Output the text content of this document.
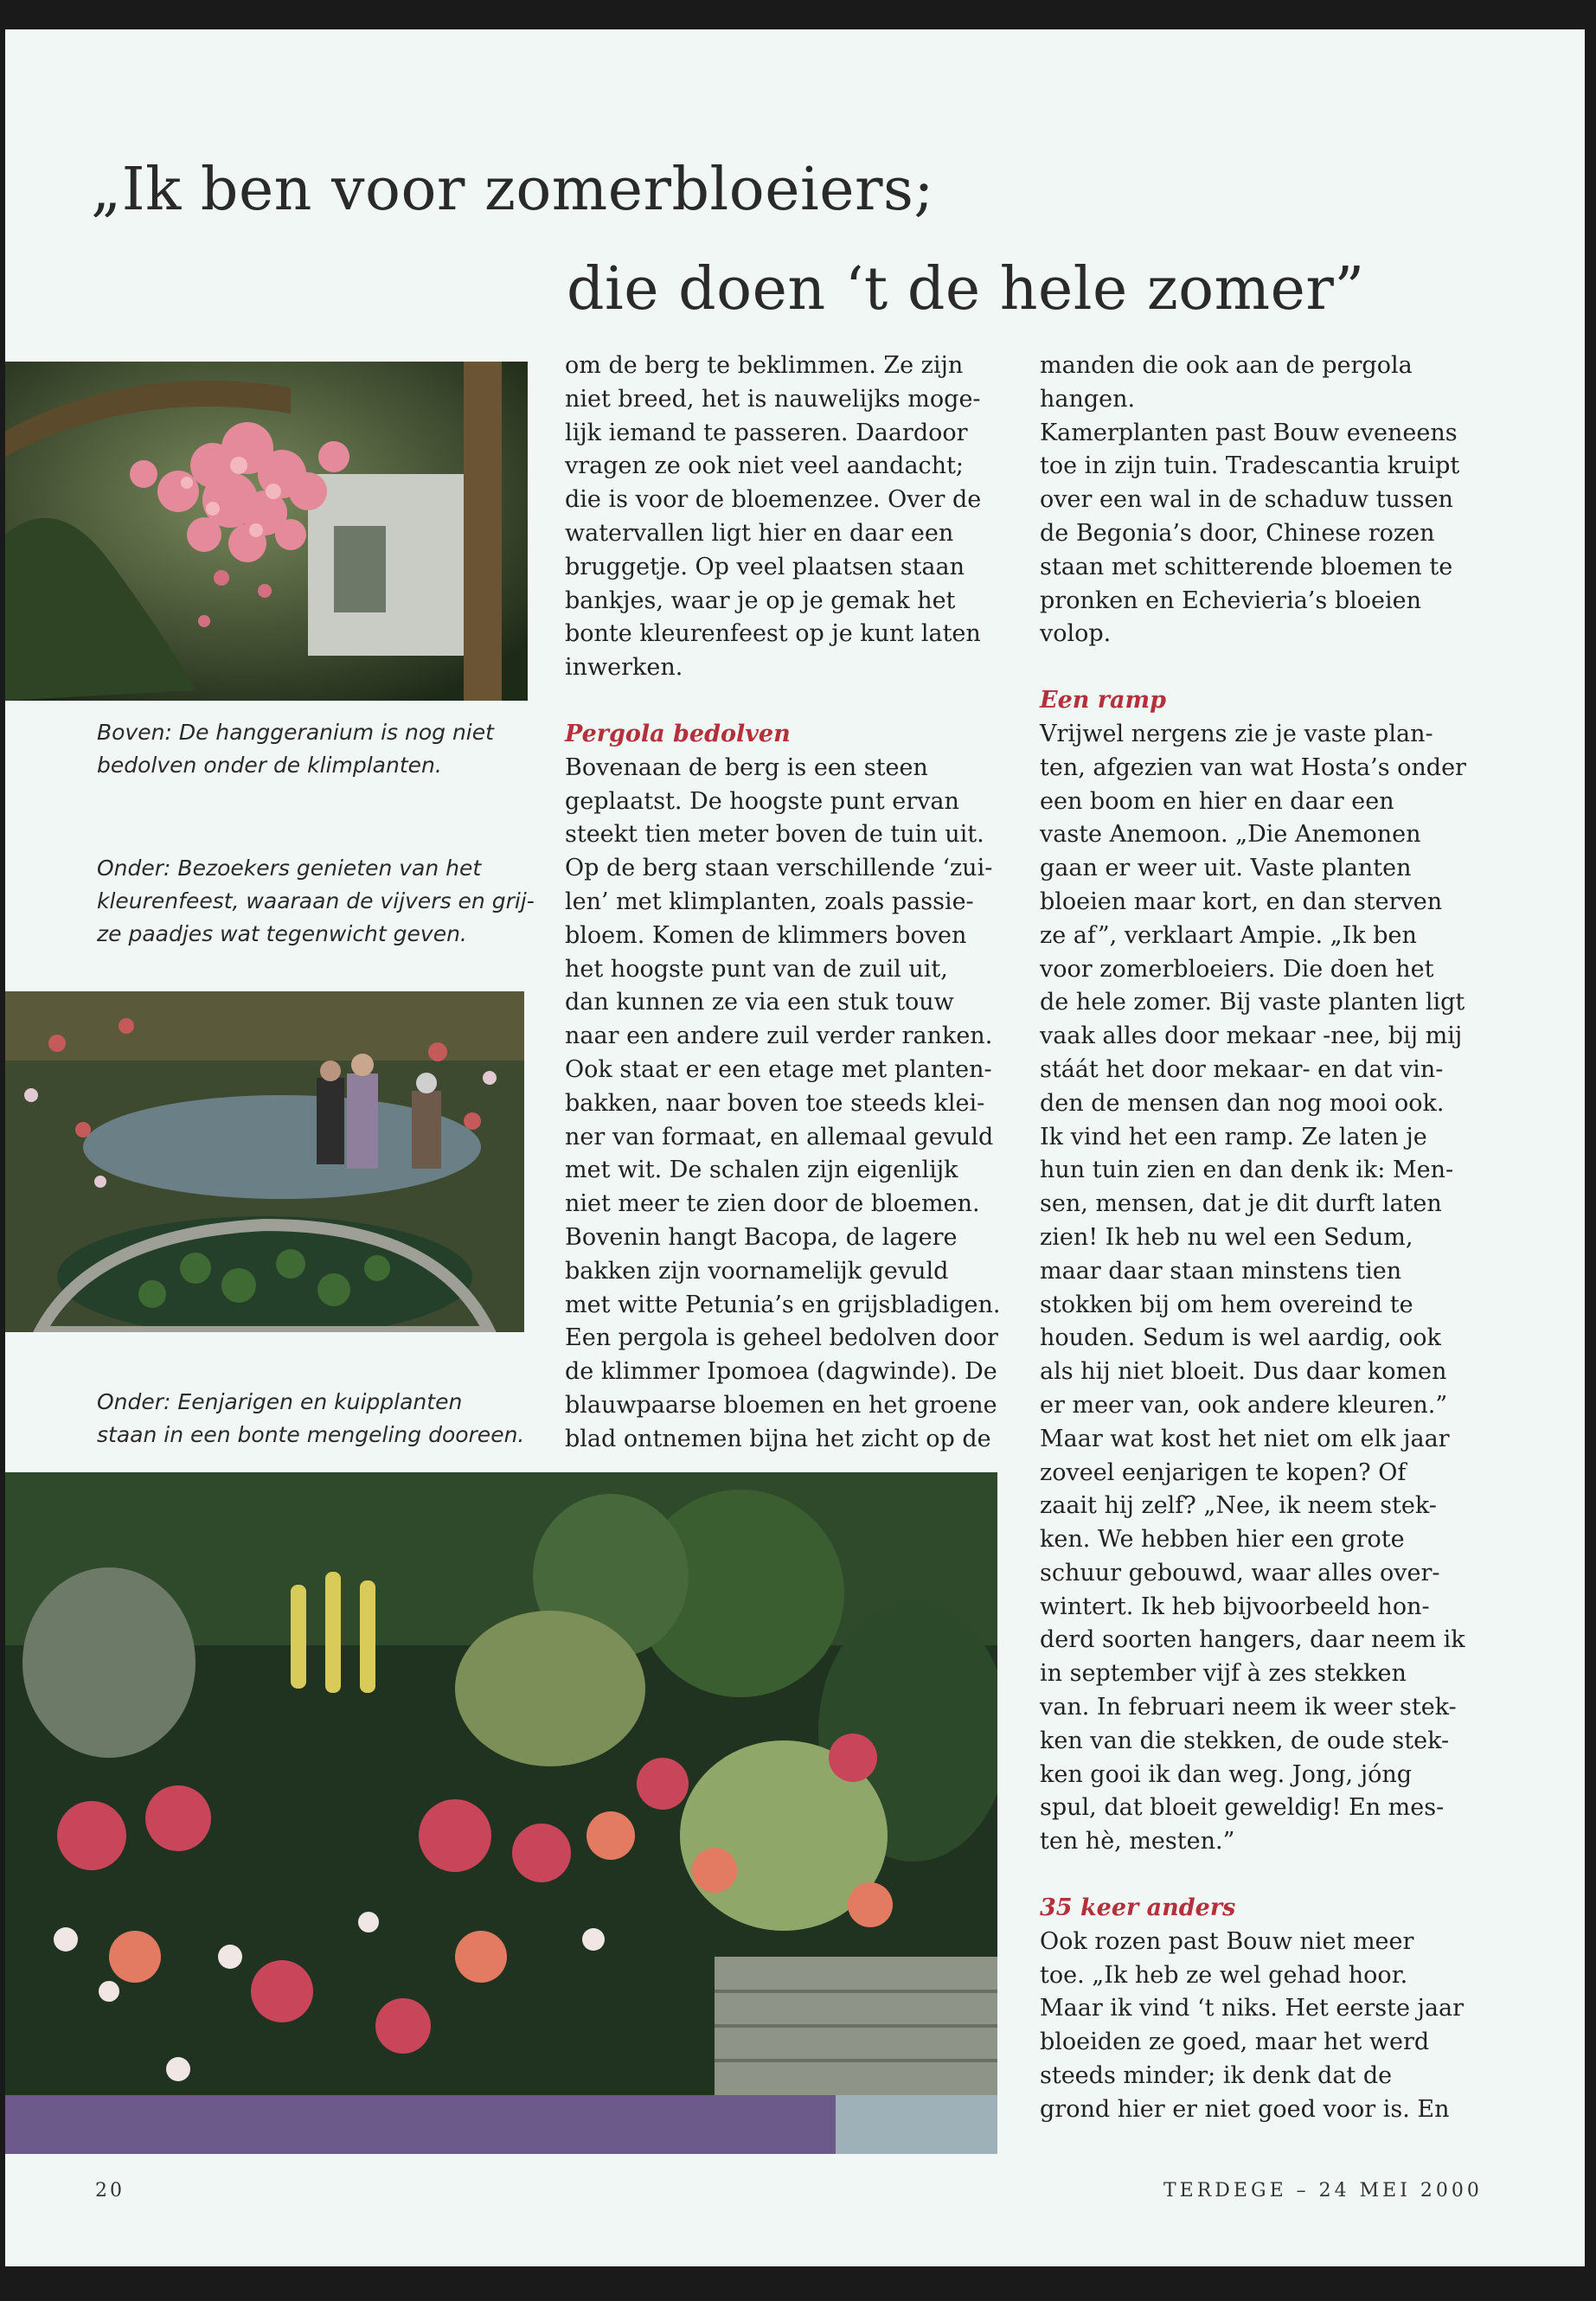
„Ik ben voor zomerbloeiers;
die doen ‘t de hele zomer”

Boven: De hanggeranium is nog niet

bedolven onder de klimplanten.

Onder: Bezoekers genieten van het

kleurenfeest, waaraan de vijvers en grij-

ze paadjes wat tegenwicht geven.

Onder: Eenjarigen en kuipplanten

staan in een bonte mengeling dooreen.

om de berg te beklimmen. Ze zijn

niet breed, het is nauwelijks moge-

lijk iemand te passeren. Daardoor

vragen ze ook niet veel aandacht;

die is voor de bloemenzee. Over de

watervallen ligt hier en daar een

bruggetje. Op veel plaatsen staan

bankjes, waar je op je gemak het

bonte kleurenfeest op je kunt laten

inwerken.

Pergola bedolven

Bovenaan de berg is een steen

geplaatst. De hoogste punt ervan

steekt tien meter boven de tuin uit.

Op de berg staan verschillende ‘zui-

len’ met klimplanten, zoals passie-

bloem. Komen de klimmers boven

het hoogste punt van de zuil uit,

dan kunnen ze via een stuk touw

naar een andere zuil verder ranken.

Ook staat er een etage met planten-

bakken, naar boven toe steeds klei-

ner van formaat, en allemaal gevuld

met wit. De schalen zijn eigenlijk

niet meer te zien door de bloemen.

Bovenin hangt Bacopa, de lagere

bakken zijn voornamelijk gevuld

met witte Petunia’s en grijsbladigen.

Een pergola is geheel bedolven door

de klimmer Ipomoea (dagwinde). De

blauwpaarse bloemen en het groene

blad ontnemen bijna het zicht op de

manden die ook aan de pergola

hangen.

Kamerplanten past Bouw eveneens

toe in zijn tuin. Tradescantia kruipt

over een wal in de schaduw tussen

de Begonia’s door, Chinese rozen

staan met schitterende bloemen te

pronken en Echevieria’s bloeien

volop.

Een ramp

Vrijwel nergens zie je vaste plan-

ten, afgezien van wat Hosta’s onder

een boom en hier en daar een

vaste Anemoon. „Die Anemonen

gaan er weer uit. Vaste planten

bloeien maar kort, en dan sterven

ze af”, verklaart Ampie. „Ik ben

voor zomerbloeiers. Die doen het

de hele zomer. Bij vaste planten ligt

vaak alles door mekaar -nee, bij mij

stáát het door mekaar- en dat vin-

den de mensen dan nog mooi ook.

Ik vind het een ramp. Ze laten je

hun tuin zien en dan denk ik: Men-

sen, mensen, dat je dit durft laten

zien! Ik heb nu wel een Sedum,

maar daar staan minstens tien

stokken bij om hem overeind te

houden. Sedum is wel aardig, ook

als hij niet bloeit. Dus daar komen

er meer van, ook andere kleuren.”

Maar wat kost het niet om elk jaar

zoveel eenjarigen te kopen? Of

zaait hij zelf? „Nee, ik neem stek-

ken. We hebben hier een grote

schuur gebouwd, waar alles over-

wintert. Ik heb bijvoorbeeld hon-

derd soorten hangers, daar neem ik

in september vijf à zes stekken

van. In februari neem ik weer stek-

ken van die stekken, de oude stek-

ken gooi ik dan weg. Jong, jóng

spul, dat bloeit geweldig! En mes-

ten hè, mesten.”

35 keer anders

Ook rozen past Bouw niet meer

toe. „Ik heb ze wel gehad hoor.

Maar ik vind ‘t niks. Het eerste jaar

bloeiden ze goed, maar het werd

steeds minder; ik denk dat de

grond hier er niet goed voor is. En

20	TERDEGE – 24 MEI 2000
